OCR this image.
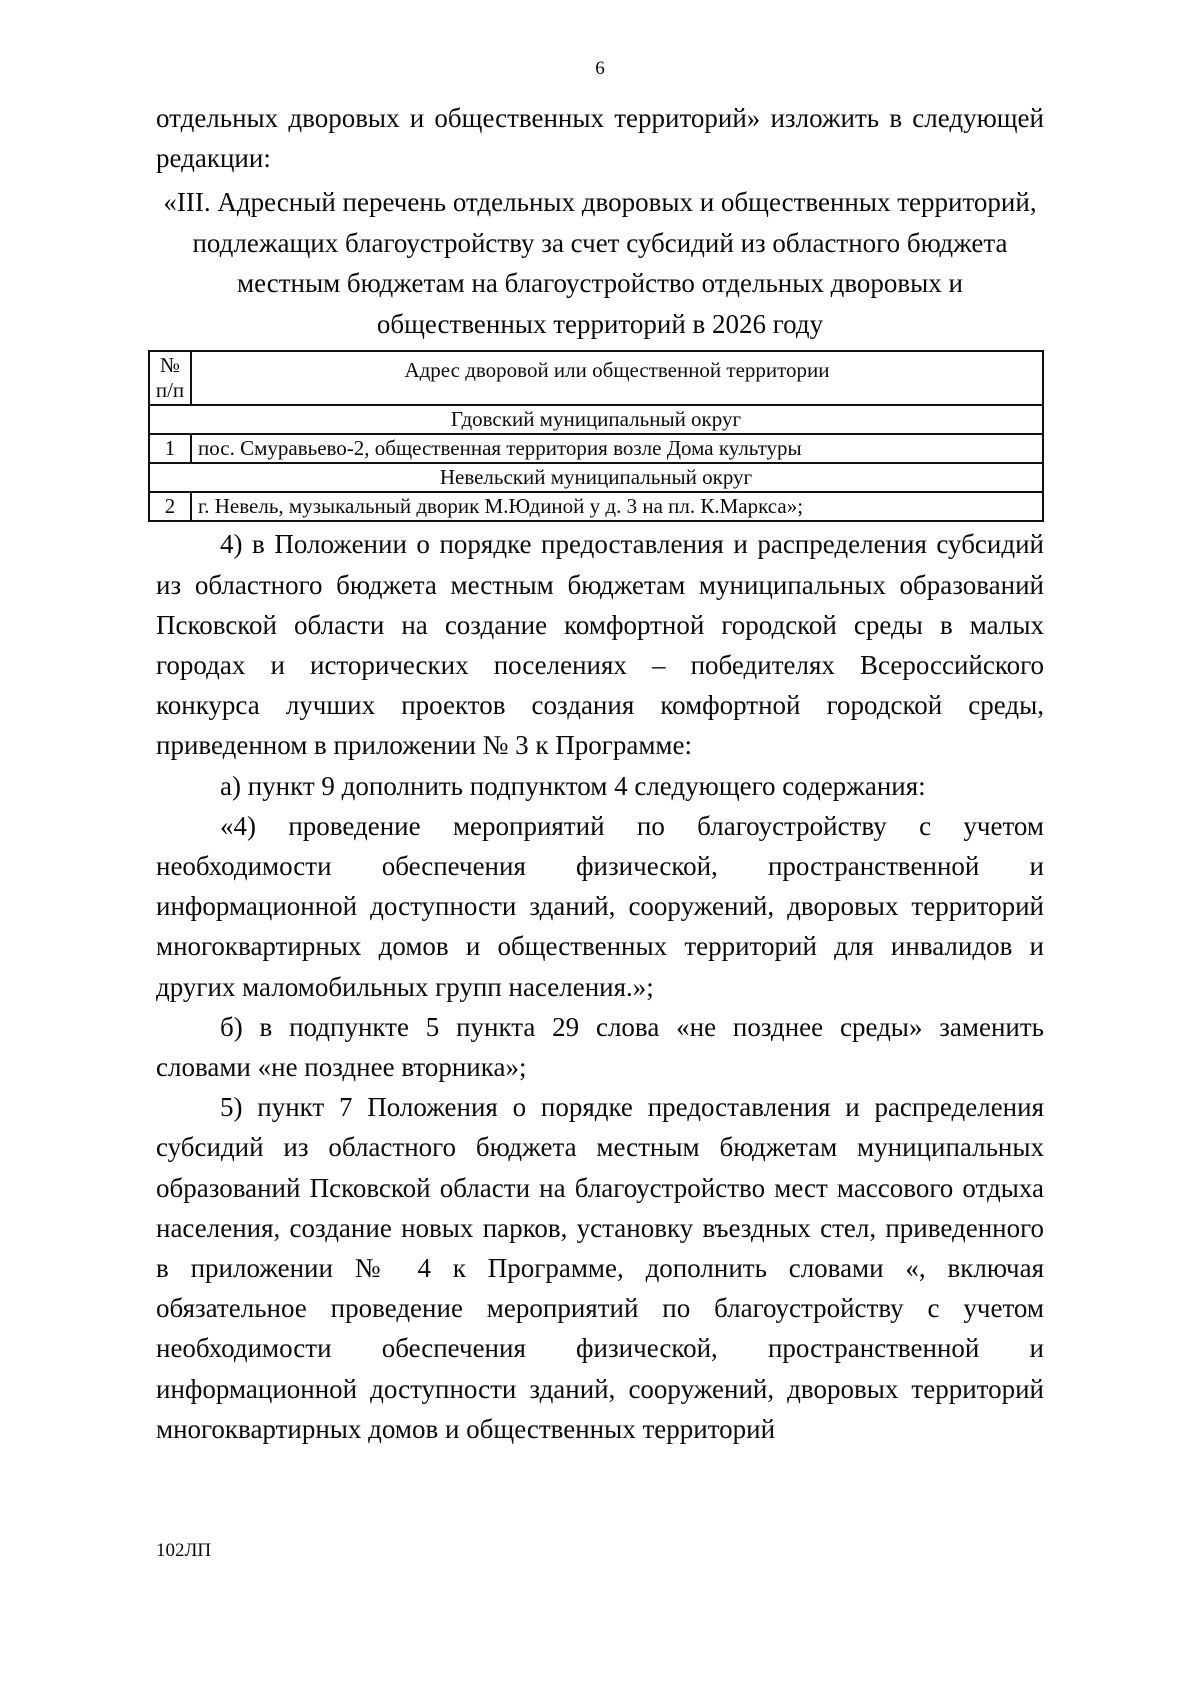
6

отдельных дворовых и общественных территорий» изложить в следующей редакции:

«III. Адресный перечень отдельных дворовых и общественных территорий, подлежащих благоустройству за счет субсидий из областного бюджета местным бюджетам на благоустройство отдельных дворовых и общественных территорий в 2026 году

№ п/п	Адрес дворовой или общественной территории
Гдовский муниципальный округ	
1	пос. Смуравьево-2, общественная территория возле Дома культуры
Невельский муниципальный округ	
2	г. Невель, музыкальный дворик М.Юдиной у д. 3 на пл. К.Маркса»;

4) в Положении о порядке предоставления и распределения субсидий из областного бюджета местным бюджетам муниципальных образований Псковской области на создание комфортной городской среды в малых городах и исторических поселениях – победителях Всероссийского конкурса лучших проектов создания комфортной городской среды, приведенном в приложении № 3 к Программе:

а) пункт 9 дополнить подпунктом 4 следующего содержания:

«4) проведение мероприятий по благоустройству с учетом необходимости обеспечения физической, пространственной и информационной доступности зданий, сооружений, дворовых территорий многоквартирных домов и общественных территорий для инвалидов и других маломобильных групп населения.»;

б) в подпункте 5 пункта 29 слова «не позднее среды» заменить словами «не позднее вторника»;

5) пункт 7 Положения о порядке предоставления и распределения субсидий из областного бюджета местным бюджетам муниципальных образований Псковской области на благоустройство мест массового отдыха населения, создание новых парков, установку въездных стел, приведенного в приложении № 4 к Программе, дополнить словами «, включая обязательное проведение мероприятий по благоустройству с учетом необходимости обеспечения физической, пространственной и информационной доступности зданий, сооружений, дворовых территорий многоквартирных домов и общественных территорий

102ЛП
